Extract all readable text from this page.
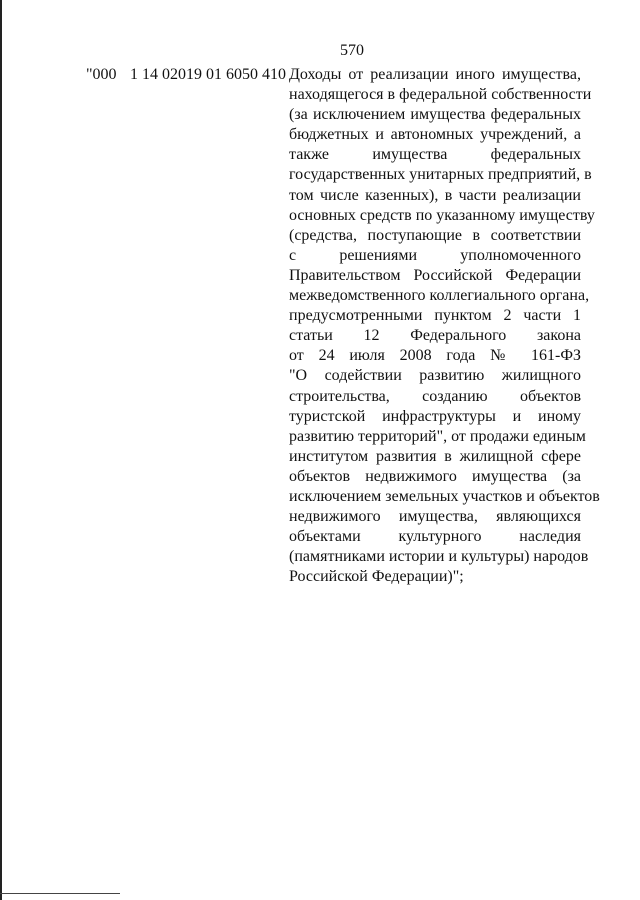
570
"000 1 14 02019 01 6050 410 Доходы от реализации иного имущества,
находящегося в федеральной собственности
(за исключением имущества федеральных
бюджетных и автономных учреждений, а
также имущества федеральных
государственных унитарных предприятий, в
том числе казенных), в части реализации
основных средств по указанному имуществу
(средства, поступающие в соответствии
с решениями уполномоченного
Правительством Российской Федерации
межведомственного коллегиального органа,
предусмотренными пунктом 2 части 1
статьи 12 Федерального закона
от 24 июля 2008 года № 161-ФЗ
"О содействии развитию жилищного
строительства, созданию объектов
туристской инфраструктуры и иному
развитию территорий", от продажи единым
институтом развития в жилищной сфере
объектов недвижимого имущества (за
исключением земельных участков и объектов
недвижимого имущества, являющихся
объектами культурного наследия
(памятниками истории и культуры) народов
Российской Федерации)";
